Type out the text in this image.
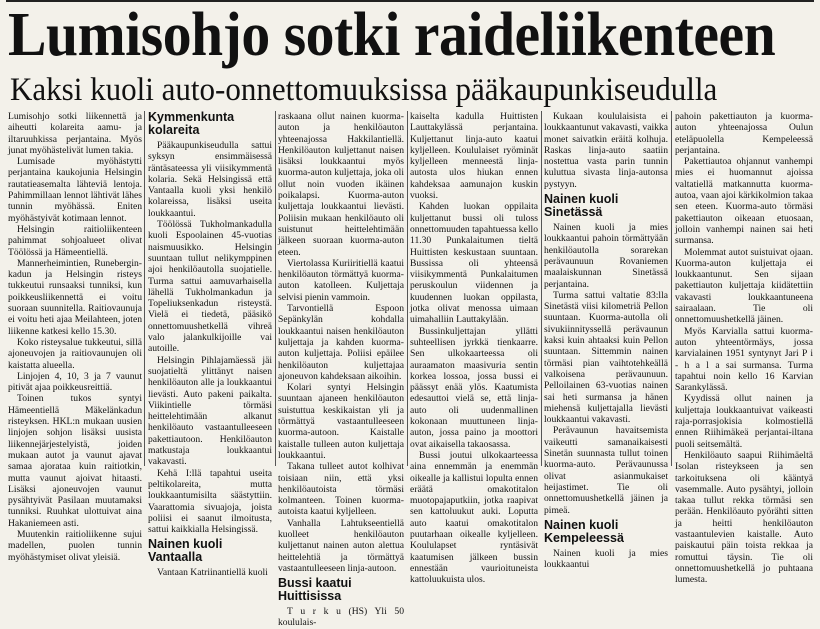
Lumisohjo sotki raideliikenteen
Kaksi kuoli auto-onnettomuuksissa pääkaupunkiseudulla

Lumisohjo sotki liikennettä ja aiheutti kolareita aamu- ja iltaruuhkissa perjantaina. Myös junat myöhästelivät lumen takia.

Lumisade myöhästytti perjantaina kaukojunia Helsingin rautatieasemalta lähteviä lentoja. Pahimmillaan lennot lähtivät lähes tunnin myöhässä. Eniten myöhästyivät kotimaan lennot.

Helsingin raitioliikenteen pahimmat sohjoalueet olivat Töölössä ja Hämeentiellä.

Mannerheimintien, Runebergin-kadun ja Helsingin risteys tukkeutui runsaaksi tunniksi, kun poikkeusliikennettä ei voitu suoraan suunnitella. Raitiovaunuja ei voitu heti ajaa Meilahteen, joten liikenne katkesi kello 15.30.

Koko risteysalue tukkeutui, sillä ajoneuvojen ja raitiovaunujen oli kaistatta alueella.

Linjojen 4, 10, 3 ja 7 vaunut pitivät ajaa poikkeusreittiä.

Toinen tukos syntyi Hämeentiellä Mäkelänkadun risteyksen. HKL:n mukaan uusien linjojen sohjon lisäksi uusista liikennejärjestelyistä, joiden mukaan autot ja vaunut ajavat samaa ajorataa kuin raitiotkin, mutta vaunut ajoivat hitaasti. Lisäksi ajoneuvojen vaunut pysähtyivät Pasilaan muutamaksi tunniksi. Ruuhkat ulottuivat aina Hakaniemeen asti.

Muutenkin raitioliikenne sujui madellen, puolen tunnin myöhästymiset olivat yleisiä.

Kymmenkunta kolareita

Pääkaupunkiseudulla sattui syksyn ensimmäisessä räntäsateessa yli viisikymmentä kolaria. Sekä Helsingissä että Vantaalla kuoli yksi henkilö kolareissa, lisäksi useita loukkaantui.

Töölössä Tukholmankadulla kuoli Espoolainen 45-vuotias naismuusikko. Helsingin suuntaan tullut nelikymppinen ajoi henkilöautolla suojatielle. Turma sattui aamuvarhaisella lähellä Tukholmankadun ja Topeliuksenkadun risteystä. Vielä ei tiedetä, pääsikö onnettomuushetkellä vihreä valo jalankulkijoille vai autoille.

Helsingin Pihlajamäessä jäi suojatieltä ylittänyt naisen henkilöauton alle ja loukkaantui lievästi. Auto pakeni paikalta. Viikintielle törmäsi heittelehtimään alkanut henkilöauto vastaantulleeseen pakettiautoon. Henkilöauton matkustaja loukkaantui vakavasti.

Kehä I:llä tapahtui useita peltikolareita, mutta loukkaantumisilta säästyttiin. Vaarattomia sivuajoja, joista poliisi ei saanut ilmoitusta, sattui kaikkialla Helsingissä.

Nainen kuoli Vantaalla

Vantaan Katriinantiellä kuoli

raskaana ollut nainen kuorma-auton ja henkilöauton yhteenajossa Hakkilantiellä. Henkilöauton kuljettanut naisen lisäksi loukkaantui myös kuorma-auton kuljettaja, joka oli ollut noin vuoden ikäinen poikalapsi. Kuorma-auton kuljettaja loukkaantui lievästi. Poliisin mukaan henkilöauto oli suistunut heittelehtimään jälkeen suoraan kuorma-auton eteen.

Viertolassa Kuriiritiellä kaatui henkilöauton törmättyä kuorma-auton katolleen. Kuljettaja selvisi pienin vammoin.

Tarvontiellä Espoon Sepänkylän kohdalla loukkaantui naisen henkilöauton kuljettaja ja kahden kuorma-auton kuljettaja. Poliisi epäilee henkilöauton kuljettajaa ajoneuvon kahdeksaan aikoihin.

Kolari syntyi Helsingin suuntaan ajaneen henkilöauton suistuttua keskikaistan yli ja törmättyä vastaantulleeseen kuorma-autoon. Kaistalle kaistalle tulleen auton kuljettaja loukkaantui.

Takana tulleet autot kolhivat toisiaan niin, että yksi henkilöautoista törmäsi kolmanteen. Toinen kuorma-autoista kaatui kyljelleen.

Vanhalla Lahtukseentiellä kuolleet henkilöauton kuljettanut nainen auton alettua heittelehtiä ja törmättyä vastaantulleeseen linja-autoon.

Bussi kaatui Huittisissa

T u r k u (HS) Yli 50 koululais-

kaiselta kadulla Huittisten Lauttakylässä perjantaina. Kuljettanut linja-auto kaatui kyljelleen. Koululaiset ryöminät kyljelleen menneestä linja-autosta ulos hiukan ennen kahdeksaa aamunajon kuskin vuoksi.

Kahden luokan oppilaita kuljettanut bussi oli tuloss onnettomuuden tapahtuessa kello 11.30 Punkalaitumen tieltä Huittisten keskustaan suuntaan. Bussissa oli yhteensä viisikymmentä Punkalaitumen peruskoulun viidennen ja kuudennen luokan oppilasta, jotka olivat menossa uimaan uimahalliin Lauttakylään.

Bussinkuljettajan yllätti suhteellisen jyrkkä tienkaarre. Sen ulkokaarteessa oli auraamaton maasivuria sentin korkea lossoa, jossa bussi ei päässyt enää ylös. Kaatumista edesauttoi vielä se, että linja-auto oli uudenmallinen kokonaan muuttuneen linja-auton, jossa paino ja moottori ovat aikaisella takaosassa.

Bussi joutui ulkokaarteessa aina ennemmän ja enemmän oikealle ja kallistui lopulta ennen eräätä omakotitalon muotopajaputkiin, jotka raapivat sen kattoluukut auki. Loputta auto kaatui omakotitalon puutarhaan oikealle kyljelleen. Koululapset ryntäsivät kaatumisen jälkeen bussin ennestään vaurioituneista kattoluukuista ulos.

Kukaan koululaisista ei loukkaantunut vakavasti, vaikka monet saivatkin eräitä kolhuja. Raskas linja-auto saatiin nostettua vasta parin tunnin kuluttua sivasta linja-autonsa pystyyn.

Nainen kuoli Sinetässä

Nainen kuoli ja mies loukkaantui pahoin törmättyään henkilöautolla sorarekan perävaunuun Rovaniemen maalaiskunnan Sinetässä perjantaina.

Turma sattui valtatie 83:lla Sinetästä viisi kilometriä Pellon suuntaan. Kuorma-autolla oli sivukiinnityssellä perävaunun kaksi kuin ahtaaksi kuin Pellon suuntaan. Sittemmin nainen törmäsi pian vaihtotehkeällä valkoisena perävaunuun. Pelloilainen 63-vuotias nainen sai heti surmansa ja hänen miehensä kuljettajalla lievästi loukkaantui vakavasti.

Perävaunun havaitsemista vaikeutti samanaikaisesti Sinetän suunnasta tullut toinen kuorma-auto. Perävaunussa olivat asianmukaiset heijastimet. Tie oli onnettomuushetkellä jäinen ja pimeä.

Nainen kuoli Kempeleessä

Nainen kuoli ja mies loukkaantui

pahoin pakettiauton ja kuorma-auton yhteenajossa Oulun eteläpuolella Kempeleessä perjantaina.

Pakettiautoa ohjannut vanhempi mies ei huomannut ajoissa valtatiellä matkannutta kuorma-autoa, vaan ajoi kärkikolmion takaa sen eteen. Kuorma-auto törmäsi pakettiauton oikeaan etuosaan, jolloin vanhempi nainen sai heti surmansa.

Molemmat autot suistuivat ojaan. Kuorma-auton kuljettaja ei loukkaantunut. Sen sijaan pakettiauton kuljettaja kiidätettiin vakavasti loukkaantuneena sairaalaan. Tie oli onnettomuushetkellä jäinen.

Myös Karvialla sattui kuorma-auton yhteentörmäys, jossa karvialainen 1951 syntynyt Jari P i - h a l a sai surmansa. Turma tapahtui noin kello 16 Karvian Sarankylässä.

Kyydissä ollut nainen ja kuljettaja loukkaantuivat vaikeasti raja-porrasjokisia kolmostiellä ennen Riihimäkeä perjantai-iltana puoli seitsemältä.

Henkilöauto saapui Riihimäeltä Isolan risteykseen ja sen tarkoituksena oli kääntyä vasemmalle. Auto pysähtyi, jolloin takaa tullut rekka törmäsi sen perään. Henkilöauto pyörähti sitten ja heitti henkilöauton vastaantulevien kaistalle. Auto paiskautui päin toista rekkaa ja romuttui täysin. Tie oli onnettomuushetkellä jo puhtaana lumesta.
